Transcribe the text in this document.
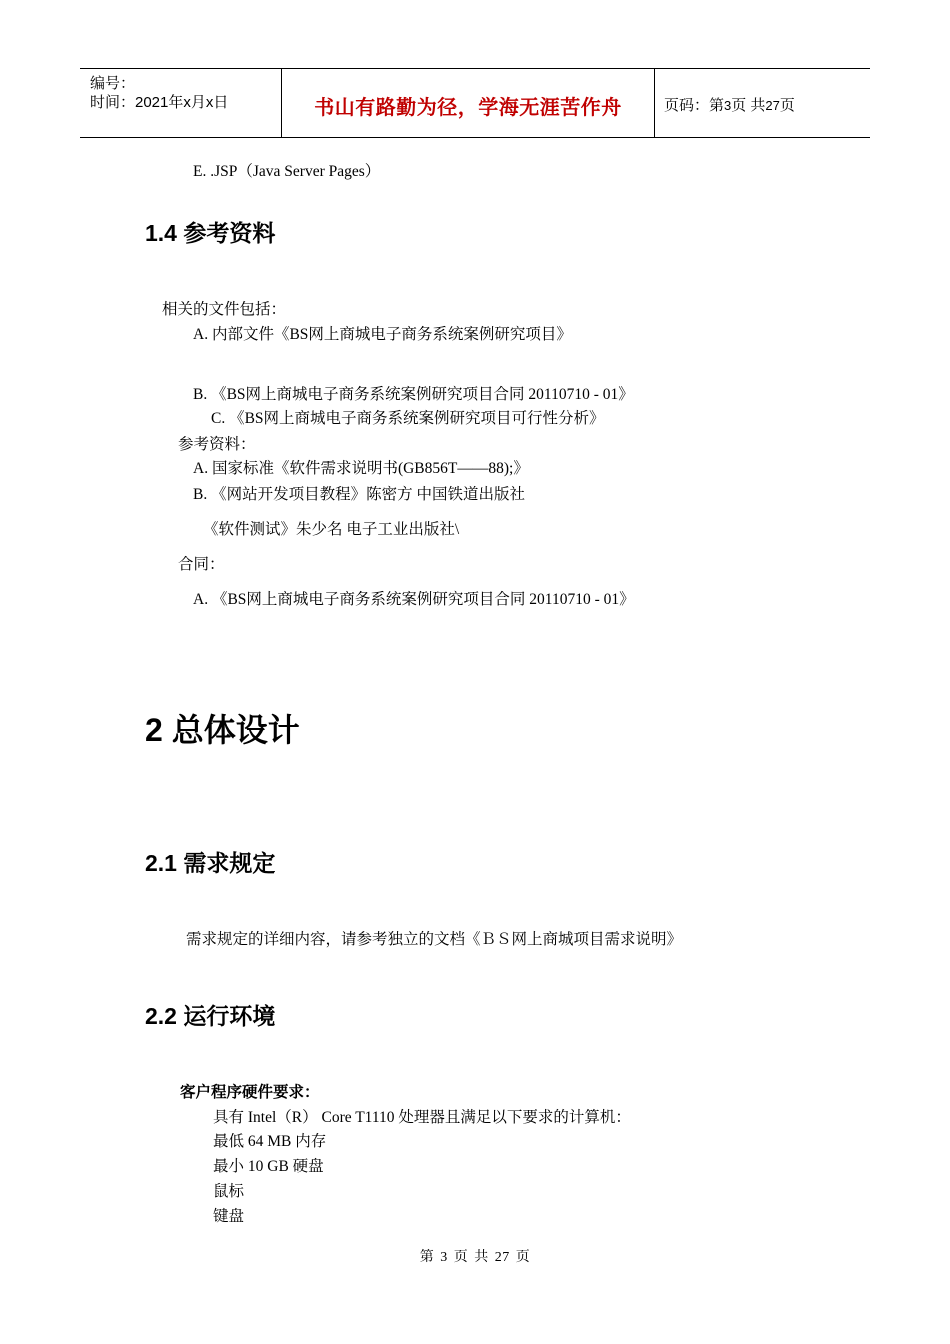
编号：
时间：2021年x月x日	书山有路勤为径，学海无涯苦作舟	页码：第3页 共27页
E. .JSP（Java Server Pages）
1.4 参考资料
相关的文件包括：
A. 内部文件《BS网上商城电子商务系统案例研究项目》
B. 《BS网上商城电子商务系统案例研究项目合同 20110710 - 01》
C. 《BS网上商城电子商务系统案例研究项目可行性分析》
参考资料：
A. 国家标准《软件需求说明书(GB856T——88);》
B. 《网站开发项目教程》陈密方 中国铁道出版社
《软件测试》朱少名 电子工业出版社\
合同：
A. 《BS网上商城电子商务系统案例研究项目合同 20110710 - 01》
2 总体设计
2.1 需求规定
需求规定的详细内容，请参考独立的文档《ＢＳ网上商城项目需求说明》
2.2 运行环境
客户程序硬件要求：
具有 Intel（R） Core T1110 处理器且满足以下要求的计算机：
最低 64 MB 内存
最小 10 GB 硬盘
鼠标
键盘
第 3 页 共 27 页
